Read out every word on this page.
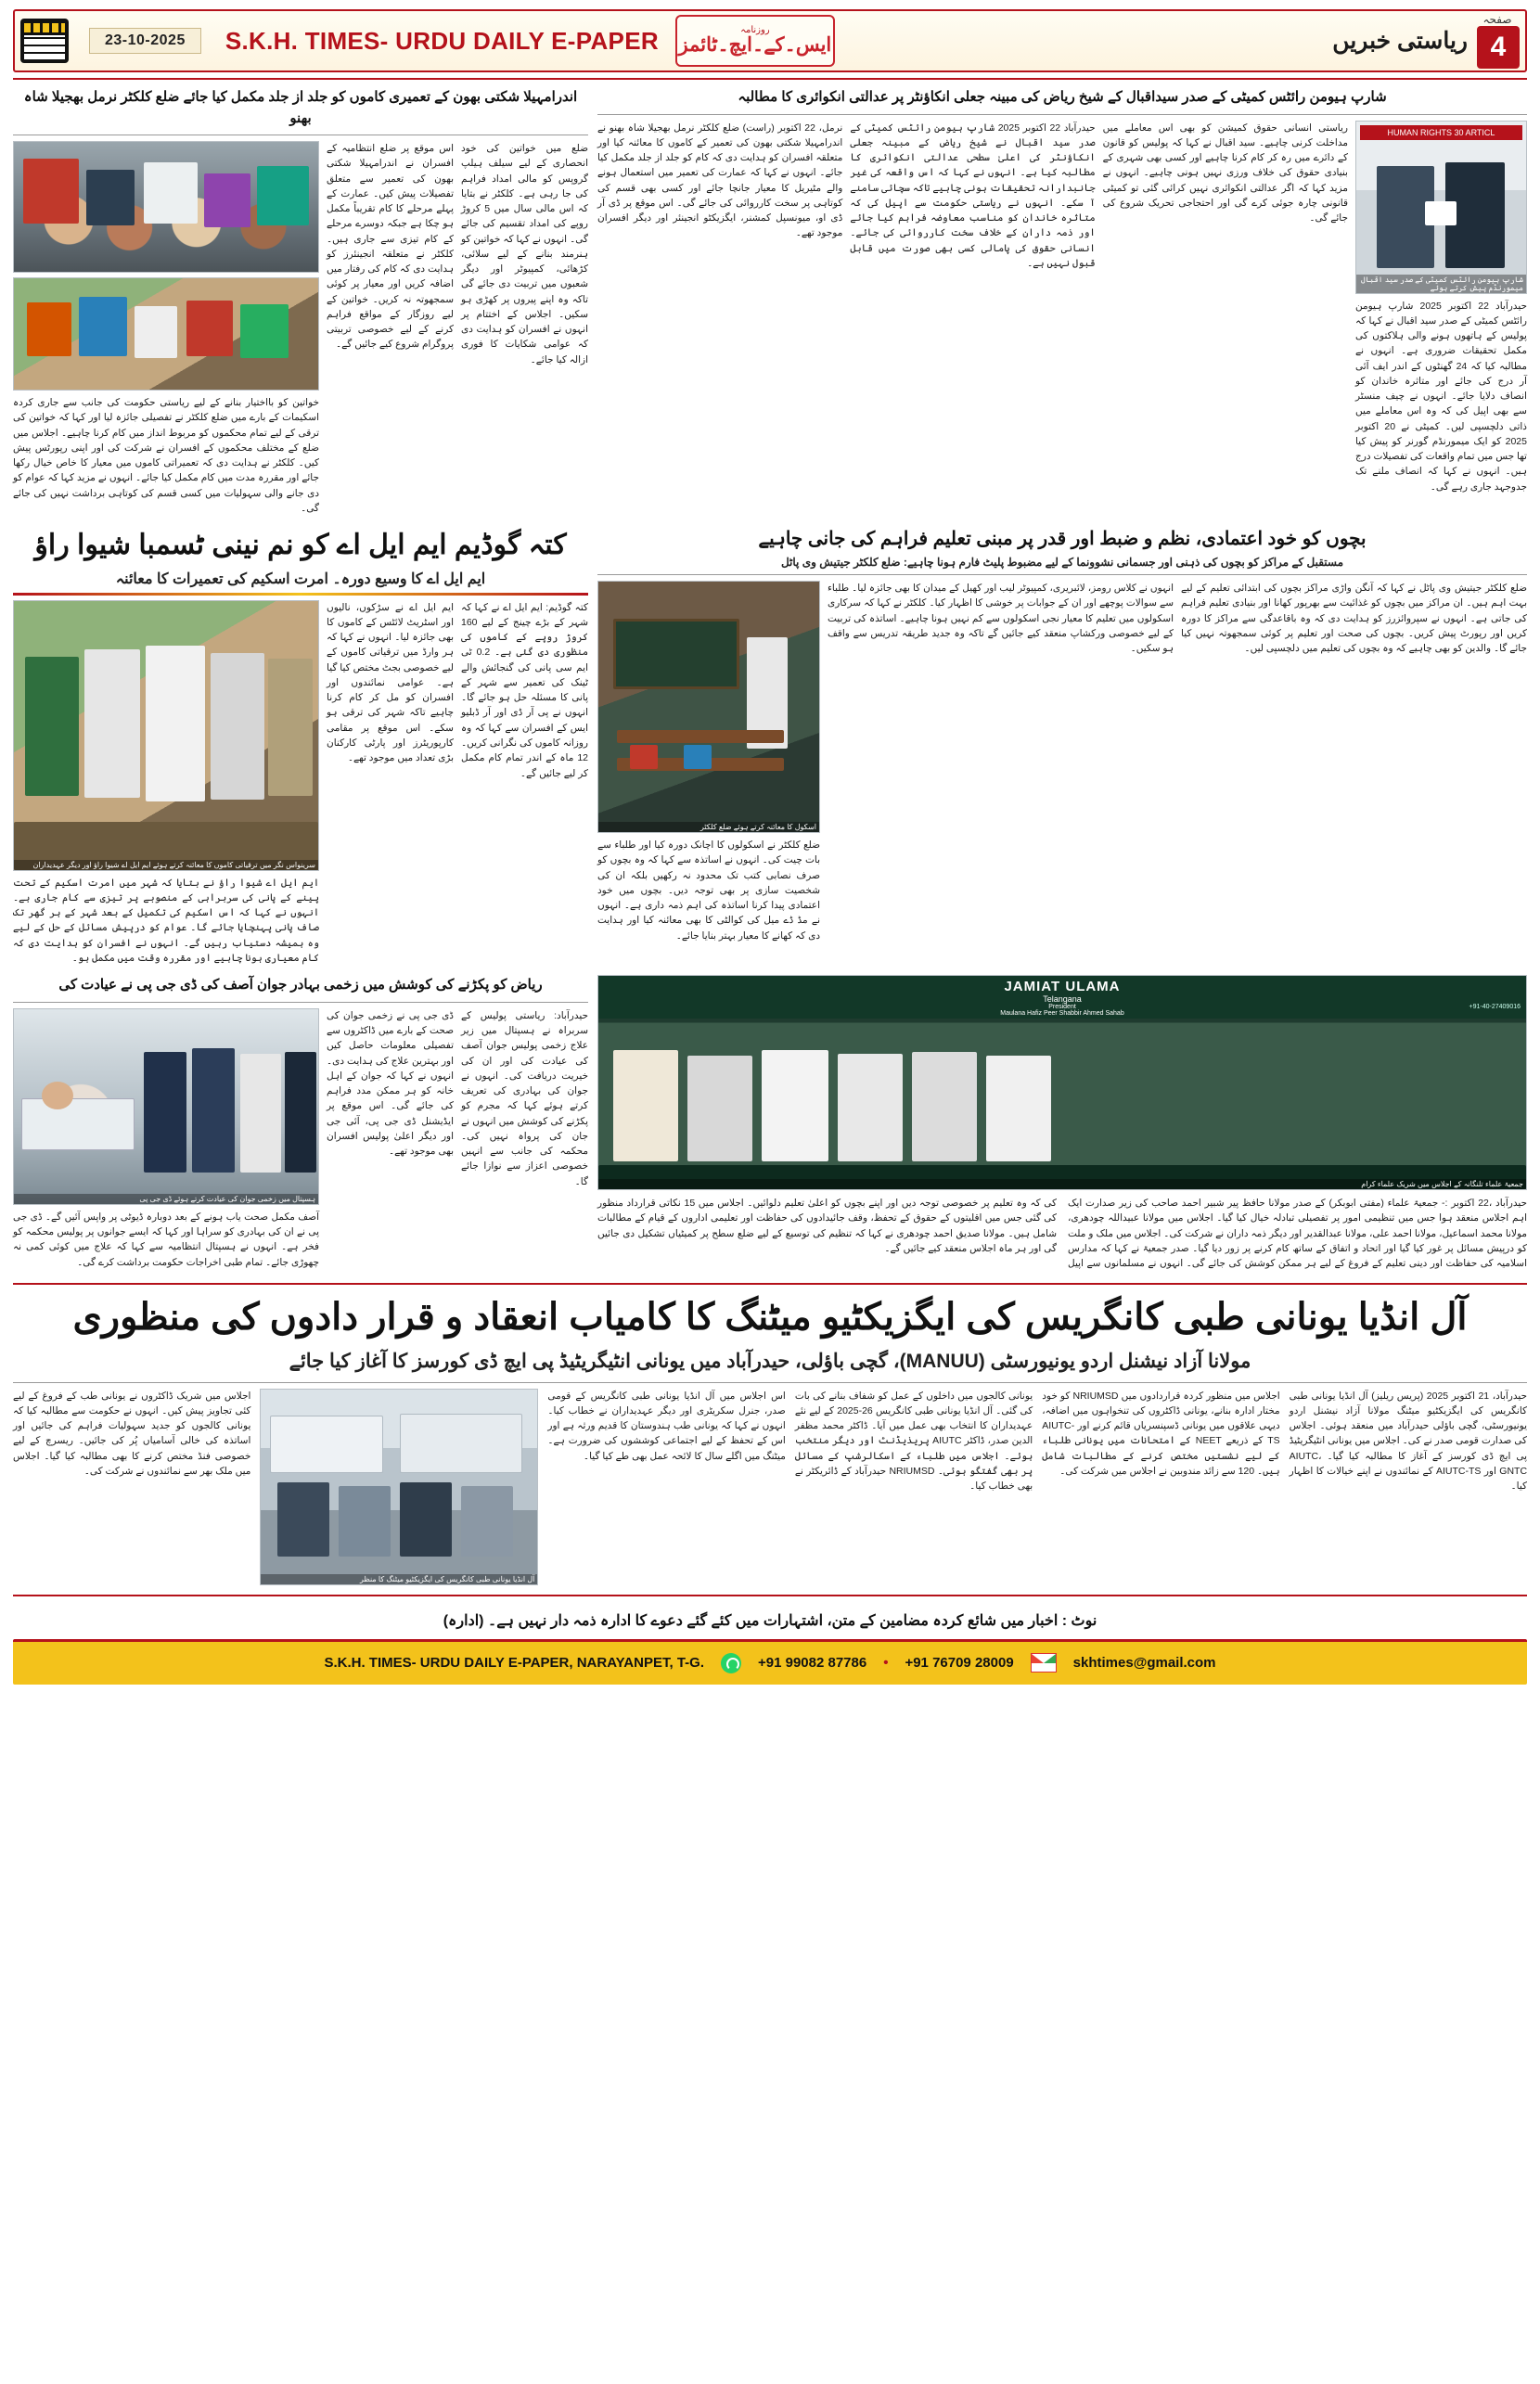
23-10-2025	S.K.H. TIMES- URDU DAILY E-PAPER	روزنامہ
ایس۔کے۔ایچ۔ٹائمز	ریاستی خبریں
صفحہ
4
اندرامہیلا شکتی بھون کے تعمیری کاموں کو جلد از جلد مکمل کیا جائے ضلع کلکٹر نرمل بھجیلا شاہ بھنو
خواتین کو بااختیار بنانے کے لیے ریاستی حکومت کی جانب سے جاری کردہ اسکیمات کے بارے میں ضلع کلکٹر نے تفصیلی جائزہ لیا اور کہا کہ خواتین کی ترقی کے لیے تمام محکموں کو مربوط انداز میں کام کرنا چاہیے۔ اجلاس میں ضلع کے مختلف محکموں کے افسران نے شرکت کی اور اپنی رپورٹس پیش کیں۔ کلکٹر نے ہدایت دی کہ تعمیراتی کاموں میں معیار کا خاص خیال رکھا جائے اور مقررہ مدت میں کام مکمل کیا جائے۔ انہوں نے مزید کہا کہ عوام کو دی جانے والی سہولیات میں کسی قسم کی کوتاہی برداشت نہیں کی جائے گی۔
اس موقع پر ضلع انتظامیہ کے افسران نے اندرامہیلا شکتی بھون کی تعمیر سے متعلق تفصیلات پیش کیں۔ عمارت کے پہلے مرحلے کا کام تقریباً مکمل ہو چکا ہے جبکہ دوسرے مرحلے کے کام تیزی سے جاری ہیں۔ کلکٹر نے متعلقہ انجینئرز کو ہدایت دی کہ کام کی رفتار میں اضافہ کریں اور معیار پر کوئی سمجھوتہ نہ کریں۔ خواتین کے لیے روزگار کے مواقع فراہم کرنے کے لیے خصوصی تربیتی پروگرام شروع کیے جائیں گے۔
ضلع میں خواتین کی خود انحصاری کے لیے سیلف ہیلپ گروپس کو مالی امداد فراہم کی جا رہی ہے۔ کلکٹر نے بتایا کہ اس مالی سال میں 5 کروڑ روپے کی امداد تقسیم کی جائے گی۔ انہوں نے کہا کہ خواتین کو ہنرمند بنانے کے لیے سلائی، کڑھائی، کمپیوٹر اور دیگر شعبوں میں تربیت دی جائے گی تاکہ وہ اپنے پیروں پر کھڑی ہو سکیں۔ اجلاس کے اختتام پر انہوں نے افسران کو ہدایت دی کہ عوامی شکایات کا فوری ازالہ کیا جائے۔
شارپ ہیومن رائٹس کمیٹی کے صدر سیداقبال کے شیخ ریاض کی مبینہ جعلی انکاؤنٹر پر عدالتی انکوائری کا مطالبہ
نرمل، 22 اکتوبر (راست) ضلع کلکٹر نرمل بھجیلا شاہ بھنو نے اندرامہیلا شکتی بھون کی تعمیر کے کاموں کا معائنہ کیا اور متعلقہ افسران کو ہدایت دی کہ کام کو جلد از جلد مکمل کیا جائے۔ انہوں نے کہا کہ عمارت کی تعمیر میں استعمال ہونے والے مٹیریل کا معیار جانچا جائے اور کسی بھی قسم کی کوتاہی پر سخت کارروائی کی جائے گی۔ اس موقع پر ڈی آر ڈی او، میونسپل کمشنر، ایگزیکٹو انجینئر اور دیگر افسران موجود تھے۔
حیدرآباد 22 اکتوبر 2025 شارپ ہیومن رائٹس کمیٹی کے صدر سید اقبال نے شیخ ریاض کے مبینہ جعلی انکاؤنٹر کی اعلیٰ سطحی عدالتی انکوائری کا مطالبہ کیا ہے۔ انہوں نے کہا کہ اس واقعہ کی غیر جانبدارانہ تحقیقات ہونی چاہیے تاکہ سچائی سامنے آ سکے۔ انہوں نے ریاستی حکومت سے اپیل کی کہ متاثرہ خاندان کو مناسب معاوضہ فراہم کیا جائے اور ذمہ داران کے خلاف سخت کارروائی کی جائے۔ انسانی حقوق کی پامالی کسی بھی صورت میں قابل قبول نہیں ہے۔
ریاستی انسانی حقوق کمیشن کو بھی اس معاملے میں مداخلت کرنی چاہیے۔ سید اقبال نے کہا کہ پولیس کو قانون کے دائرے میں رہ کر کام کرنا چاہیے اور کسی بھی شہری کے بنیادی حقوق کی خلاف ورزی نہیں ہونی چاہیے۔ انہوں نے مزید کہا کہ اگر عدالتی انکوائری نہیں کرائی گئی تو کمیٹی قانونی چارہ جوئی کرے گی اور احتجاجی تحریک شروع کی جائے گی۔
HUMAN RIGHTS 30 ARTICL
شارپ ہیومن رائٹس کمیٹی کے صدر سید اقبال میمورنڈم پیش کرتے ہوئے
حیدرآباد 22 اکتوبر 2025 شارپ ہیومن رائٹس کمیٹی کے صدر سید اقبال نے کہا کہ پولیس کے ہاتھوں ہونے والی ہلاکتوں کی مکمل تحقیقات ضروری ہے۔ انہوں نے مطالبہ کیا کہ 24 گھنٹوں کے اندر ایف آئی آر درج کی جائے اور متاثرہ خاندان کو انصاف دلایا جائے۔ انہوں نے چیف منسٹر سے بھی اپیل کی کہ وہ اس معاملے میں ذاتی دلچسپی لیں۔ کمیٹی نے 20 اکتوبر 2025 کو ایک میمورنڈم گورنر کو پیش کیا تھا جس میں تمام واقعات کی تفصیلات درج ہیں۔ انہوں نے کہا کہ انصاف ملنے تک جدوجہد جاری رہے گی۔
کتہ گوڈیم ایم ایل اے کو نم نینی ٹسمبا شیوا راؤ
ایم ایل اے کا وسیع دورہ۔ امرت اسکیم کی تعمیرات کا معائنہ
سرینواس نگر میں ترقیاتی کاموں کا معائنہ کرتے ہوئے ایم ایل اے شیوا راؤ اور دیگر عہدیداران
ایم ایل اے شیوا راؤ نے بتایا کہ شہر میں امرت اسکیم کے تحت پینے کے پانی کی سربراہی کے منصوبے پر تیزی سے کام جاری ہے۔ انہوں نے کہا کہ اس اسکیم کی تکمیل کے بعد شہر کے ہر گھر تک صاف پانی پہنچایا جائے گا۔ عوام کو درپیش مسائل کے حل کے لیے وہ ہمیشہ دستیاب رہیں گے۔ انہوں نے افسران کو ہدایت دی کہ کام معیاری ہونا چاہیے اور مقررہ وقت میں مکمل ہو۔
ایم ایل اے نے سڑکوں، نالیوں اور اسٹریٹ لائٹس کے کاموں کا بھی جائزہ لیا۔ انہوں نے کہا کہ ہر وارڈ میں ترقیاتی کاموں کے لیے خصوصی بجٹ مختص کیا گیا ہے۔ عوامی نمائندوں اور افسران کو مل کر کام کرنا چاہیے تاکہ شہر کی ترقی ہو سکے۔ اس موقع پر مقامی کارپوریٹرز اور پارٹی کارکنان بڑی تعداد میں موجود تھے۔
کتہ گوڈیم: ایم ایل اے نے کہا کہ شہر کے بڑے چینج کے لیے 160 کروڑ روپے کے کاموں کی منظوری دی گئی ہے۔ 0.2 ٹی ایم سی پانی کی گنجائش والے ٹینک کی تعمیر سے شہر کے پانی کا مسئلہ حل ہو جائے گا۔ انہوں نے پی آر ڈی اور آر ڈبلیو ایس کے افسران سے کہا کہ وہ روزانہ کاموں کی نگرانی کریں۔ 12 ماہ کے اندر تمام کام مکمل کر لیے جائیں گے۔
بچوں کو خود اعتمادی، نظم و ضبط اور قدر پر مبنی تعلیم فراہم کی جانی چاہیے
مستقبل کے مراکز کو بچوں کی ذہنی اور جسمانی نشوونما کے لیے مضبوط پلیٹ فارم ہونا چاہیے: ضلع کلکٹر جیتیش وی پاٹل
اسکول کا معائنہ کرتے ہوئے ضلع کلکٹر
ضلع کلکٹر نے اسکولوں کا اچانک دورہ کیا اور طلباء سے بات چیت کی۔ انہوں نے اساتذہ سے کہا کہ وہ بچوں کو صرف نصابی کتب تک محدود نہ رکھیں بلکہ ان کی شخصیت سازی پر بھی توجہ دیں۔ بچوں میں خود اعتمادی پیدا کرنا اساتذہ کی اہم ذمہ داری ہے۔ انہوں نے مڈ ڈے میل کی کوالٹی کا بھی معائنہ کیا اور ہدایت دی کہ کھانے کا معیار بہتر بنایا جائے۔
انہوں نے کلاس رومز، لائبریری، کمپیوٹر لیب اور کھیل کے میدان کا بھی جائزہ لیا۔ طلباء سے سوالات پوچھے اور ان کے جوابات پر خوشی کا اظہار کیا۔ کلکٹر نے کہا کہ سرکاری اسکولوں میں تعلیم کا معیار نجی اسکولوں سے کم نہیں ہونا چاہیے۔ اساتذہ کی تربیت کے لیے خصوصی ورکشاپ منعقد کیے جائیں گے تاکہ وہ جدید طریقہ تدریس سے واقف ہو سکیں۔
ضلع کلکٹر جیتیش وی پاٹل نے کہا کہ آنگن واڑی مراکز بچوں کی ابتدائی تعلیم کے لیے بہت اہم ہیں۔ ان مراکز میں بچوں کو غذائیت سے بھرپور کھانا اور بنیادی تعلیم فراہم کی جاتی ہے۔ انہوں نے سپروائزرز کو ہدایت دی کہ وہ باقاعدگی سے مراکز کا دورہ کریں اور رپورٹ پیش کریں۔ بچوں کی صحت اور تعلیم پر کوئی سمجھوتہ نہیں کیا جائے گا۔ والدین کو بھی چاہیے کہ وہ بچوں کی تعلیم میں دلچسپی لیں۔
ریاض کو پکڑنے کی کوشش میں زخمی بہادر جوان آصف کی ڈی جی پی نے عیادت کی
ہسپتال میں زخمی جوان کی عیادت کرتے ہوئے ڈی جی پی
آصف مکمل صحت یاب ہونے کے بعد دوبارہ ڈیوٹی پر واپس آئیں گے۔ ڈی جی پی نے ان کی بہادری کو سراہا اور کہا کہ ایسے جوانوں پر پولیس محکمہ کو فخر ہے۔ انہوں نے ہسپتال انتظامیہ سے کہا کہ علاج میں کوئی کمی نہ چھوڑی جائے۔ تمام طبی اخراجات حکومت برداشت کرے گی۔
ڈی جی پی نے زخمی جوان کی صحت کے بارے میں ڈاکٹروں سے تفصیلی معلومات حاصل کیں اور بہترین علاج کی ہدایت دی۔ انہوں نے کہا کہ جوان کے اہل خانہ کو ہر ممکن مدد فراہم کی جائے گی۔ اس موقع پر ایڈیشنل ڈی جی پی، آئی جی اور دیگر اعلیٰ پولیس افسران بھی موجود تھے۔
حیدرآباد: ریاستی پولیس کے سربراہ نے ہسپتال میں زیر علاج زخمی پولیس جوان آصف کی عیادت کی اور ان کی خیریت دریافت کی۔ انہوں نے جوان کی بہادری کی تعریف کرتے ہوئے کہا کہ مجرم کو پکڑنے کی کوشش میں انہوں نے جان کی پرواہ نہیں کی۔ محکمہ کی جانب سے انہیں خصوصی اعزاز سے نوازا جائے گا۔
JAMIAT ULAMA
Telangana
President
Maulana Hafiz Peer Shabbir Ahmed Sahab
+91-40-27409016
جمعیۃ علماء تلنگانہ کے اجلاس میں شریک علماء کرام
حیدرآباد ،22 اکتوبر :- جمعیۃ علماء (مفتی ابوبکر) کے صدر مولانا حافظ پیر شبیر احمد صاحب کی زیر صدارت ایک اہم اجلاس منعقد ہوا جس میں تنظیمی امور پر تفصیلی تبادلہ خیال کیا گیا۔ اجلاس میں مولانا عبیداللہ چودھری، مولانا محمد اسماعیل، مولانا احمد علی، مولانا عبدالقدیر اور دیگر ذمہ داران نے شرکت کی۔ اجلاس میں ملک و ملت کو درپیش مسائل پر غور کیا گیا اور اتحاد و اتفاق کے ساتھ کام کرنے پر زور دیا گیا۔ صدر جمعیۃ نے کہا کہ مدارس اسلامیہ کی حفاظت اور دینی تعلیم کے فروغ کے لیے ہر ممکن کوشش کی جائے گی۔ انہوں نے مسلمانوں سے اپیل کی کہ وہ تعلیم پر خصوصی توجہ دیں اور اپنے بچوں کو اعلیٰ تعلیم دلوائیں۔ اجلاس میں 15 نکاتی قرارداد منظور کی گئی جس میں اقلیتوں کے حقوق کے تحفظ، وقف جائیدادوں کی حفاظت اور تعلیمی اداروں کے قیام کے مطالبات شامل ہیں۔ مولانا صدیق احمد چودھری نے کہا کہ تنظیم کی توسیع کے لیے ضلع سطح پر کمیٹیاں تشکیل دی جائیں گی اور ہر ماہ اجلاس منعقد کیے جائیں گے۔
آل انڈیا یونانی طبی کانگریس کی ایگزیکٹیو میٹنگ کا کامیاب انعقاد و قرار دادوں کی منظوری
مولانا آزاد نیشنل اردو یونیورسٹی (MANUU)، گچی باؤلی، حیدرآباد میں یونانی انٹیگریٹیڈ پی ایچ ڈی کورسز کا آغاز کیا جائے
اجلاس میں شریک ڈاکٹروں نے یونانی طب کے فروغ کے لیے کئی تجاویز پیش کیں۔ انہوں نے حکومت سے مطالبہ کیا کہ یونانی کالجوں کو جدید سہولیات فراہم کی جائیں اور اساتذہ کی خالی آسامیاں پُر کی جائیں۔ ریسرچ کے لیے خصوصی فنڈ مختص کرنے کا بھی مطالبہ کیا گیا۔ اجلاس میں ملک بھر سے نمائندوں نے شرکت کی۔
آل انڈیا یونانی طبی کانگریس کی ایگزیکٹیو میٹنگ کا منظر
اس اجلاس میں آل انڈیا یونانی طبی کانگریس کے قومی صدر، جنرل سکریٹری اور دیگر عہدیداران نے خطاب کیا۔ انہوں نے کہا کہ یونانی طب ہندوستان کا قدیم ورثہ ہے اور اس کے تحفظ کے لیے اجتماعی کوششوں کی ضرورت ہے۔ میٹنگ میں اگلے سال کا لائحہ عمل بھی طے کیا گیا۔
یونانی کالجوں میں داخلوں کے عمل کو شفاف بنانے کی بات کی گئی۔ آل انڈیا یونانی طبی کانگریس 26-2025 کے لیے نئے عہدیداران کا انتخاب بھی عمل میں آیا۔ ڈاکٹر محمد مظفر الدین صدر، ڈاکٹر AIUTC پریذیڈنٹ اور دیگر منتخب ہوئے۔ اجلاس میں طلباء کے اسکالرشپ کے مسائل پر بھی گفتگو ہوئی۔ NRIUMSD حیدرآباد کے ڈائریکٹر نے بھی خطاب کیا۔
اجلاس میں منظور کردہ قراردادوں میں NRIUMSD کو خود مختار ادارہ بنانے، یونانی ڈاکٹروں کی تنخواہوں میں اضافہ، دیہی علاقوں میں یونانی ڈسپنسریاں قائم کرنے اور AIUTC-TS کے ذریعے NEET کے امتحانات میں یونانی طلباء کے لیے نشستیں مختص کرنے کے مطالبات شامل ہیں۔ 120 سے زائد مندوبین نے اجلاس میں شرکت کی۔
حیدرآباد، 21 اکتوبر 2025 (پریس ریلیز) آل انڈیا یونانی طبی کانگریس کی ایگزیکٹیو میٹنگ مولانا آزاد نیشنل اردو یونیورسٹی، گچی باؤلی حیدرآباد میں منعقد ہوئی۔ اجلاس کی صدارت قومی صدر نے کی۔ اجلاس میں یونانی انٹیگریٹیڈ پی ایچ ڈی کورسز کے آغاز کا مطالبہ کیا گیا۔ AIUTC، GNTC اور AIUTC-TS کے نمائندوں نے اپنے خیالات کا اظہار کیا۔
نوٹ : اخبار میں شائع کردہ مضامین کے متن، اشتہارات میں کئے گئے دعوے کا ادارہ ذمہ دار نہیں ہے۔ (ادارہ)
S.K.H. TIMES- URDU DAILY E-PAPER, NARAYANPET, T-G.	+91 99082 87786 • +91 76709 28009	skhtimes@gmail.com
